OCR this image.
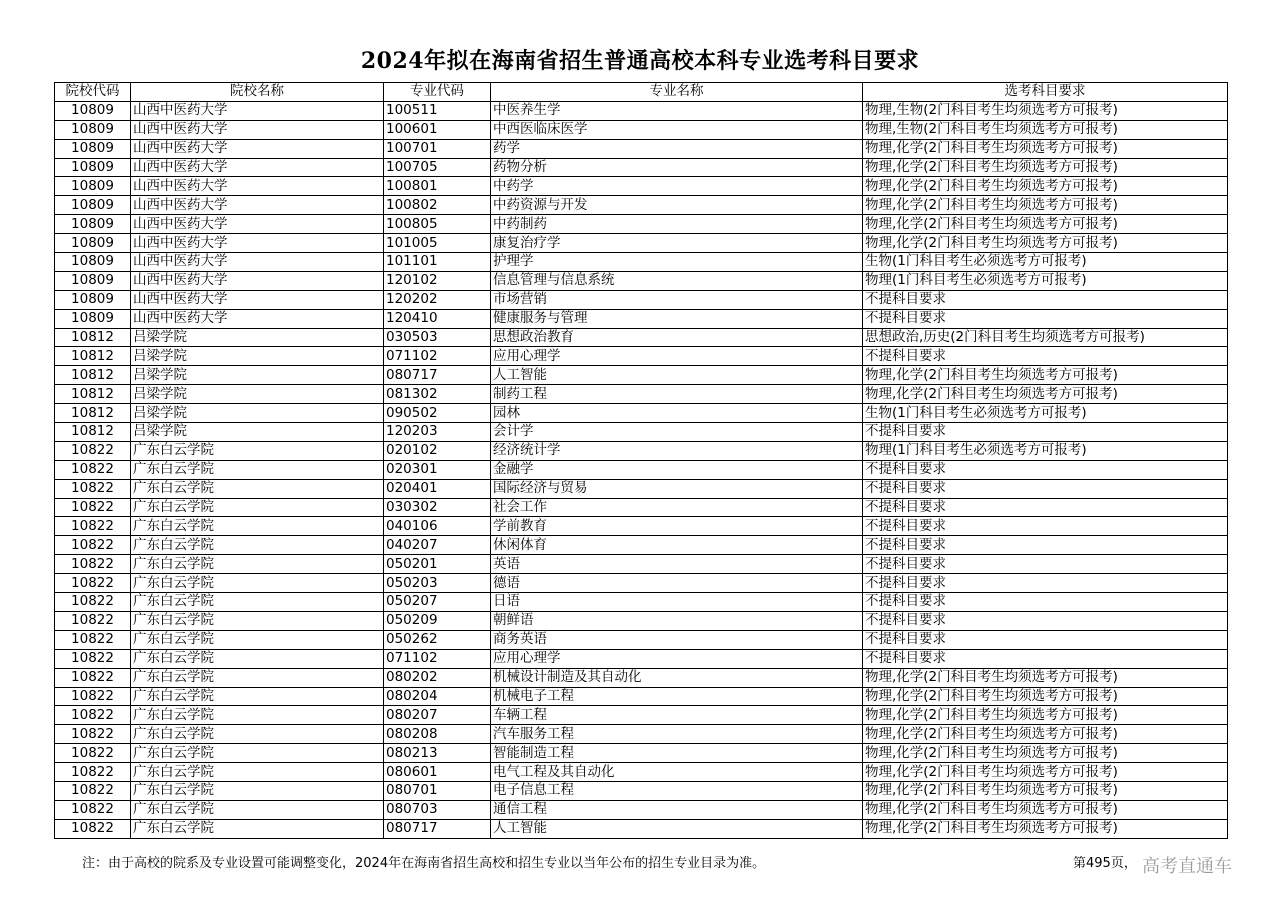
2024年拟在海南省招生普通高校本科专业选考科目要求
院校代码	院校名称	专业代码	专业名称	选考科目要求
10809	山西中医药大学	100511	中医养生学	物理,生物(2门科目考生均须选考方可报考)
10809	山西中医药大学	100601	中西医临床医学	物理,生物(2门科目考生均须选考方可报考)
10809	山西中医药大学	100701	药学	物理,化学(2门科目考生均须选考方可报考)
10809	山西中医药大学	100705	药物分析	物理,化学(2门科目考生均须选考方可报考)
10809	山西中医药大学	100801	中药学	物理,化学(2门科目考生均须选考方可报考)
10809	山西中医药大学	100802	中药资源与开发	物理,化学(2门科目考生均须选考方可报考)
10809	山西中医药大学	100805	中药制药	物理,化学(2门科目考生均须选考方可报考)
10809	山西中医药大学	101005	康复治疗学	物理,化学(2门科目考生均须选考方可报考)
10809	山西中医药大学	101101	护理学	生物(1门科目考生必须选考方可报考)
10809	山西中医药大学	120102	信息管理与信息系统	物理(1门科目考生必须选考方可报考)
10809	山西中医药大学	120202	市场营销	不提科目要求
10809	山西中医药大学	120410	健康服务与管理	不提科目要求
10812	吕梁学院	030503	思想政治教育	思想政治,历史(2门科目考生均须选考方可报考)
10812	吕梁学院	071102	应用心理学	不提科目要求
10812	吕梁学院	080717	人工智能	物理,化学(2门科目考生均须选考方可报考)
10812	吕梁学院	081302	制药工程	物理,化学(2门科目考生均须选考方可报考)
10812	吕梁学院	090502	园林	生物(1门科目考生必须选考方可报考)
10812	吕梁学院	120203	会计学	不提科目要求
10822	广东白云学院	020102	经济统计学	物理(1门科目考生必须选考方可报考)
10822	广东白云学院	020301	金融学	不提科目要求
10822	广东白云学院	020401	国际经济与贸易	不提科目要求
10822	广东白云学院	030302	社会工作	不提科目要求
10822	广东白云学院	040106	学前教育	不提科目要求
10822	广东白云学院	040207	休闲体育	不提科目要求
10822	广东白云学院	050201	英语	不提科目要求
10822	广东白云学院	050203	德语	不提科目要求
10822	广东白云学院	050207	日语	不提科目要求
10822	广东白云学院	050209	朝鲜语	不提科目要求
10822	广东白云学院	050262	商务英语	不提科目要求
10822	广东白云学院	071102	应用心理学	不提科目要求
10822	广东白云学院	080202	机械设计制造及其自动化	物理,化学(2门科目考生均须选考方可报考)
10822	广东白云学院	080204	机械电子工程	物理,化学(2门科目考生均须选考方可报考)
10822	广东白云学院	080207	车辆工程	物理,化学(2门科目考生均须选考方可报考)
10822	广东白云学院	080208	汽车服务工程	物理,化学(2门科目考生均须选考方可报考)
10822	广东白云学院	080213	智能制造工程	物理,化学(2门科目考生均须选考方可报考)
10822	广东白云学院	080601	电气工程及其自动化	物理,化学(2门科目考生均须选考方可报考)
10822	广东白云学院	080701	电子信息工程	物理,化学(2门科目考生均须选考方可报考)
10822	广东白云学院	080703	通信工程	物理,化学(2门科目考生均须选考方可报考)
10822	广东白云学院	080717	人工智能	物理,化学(2门科目考生均须选考方可报考)
注：由于高校的院系及专业设置可能调整变化，2024年在海南省招生高校和招生专业以当年公布的招生专业目录为准。	第495页， 高考直通车
